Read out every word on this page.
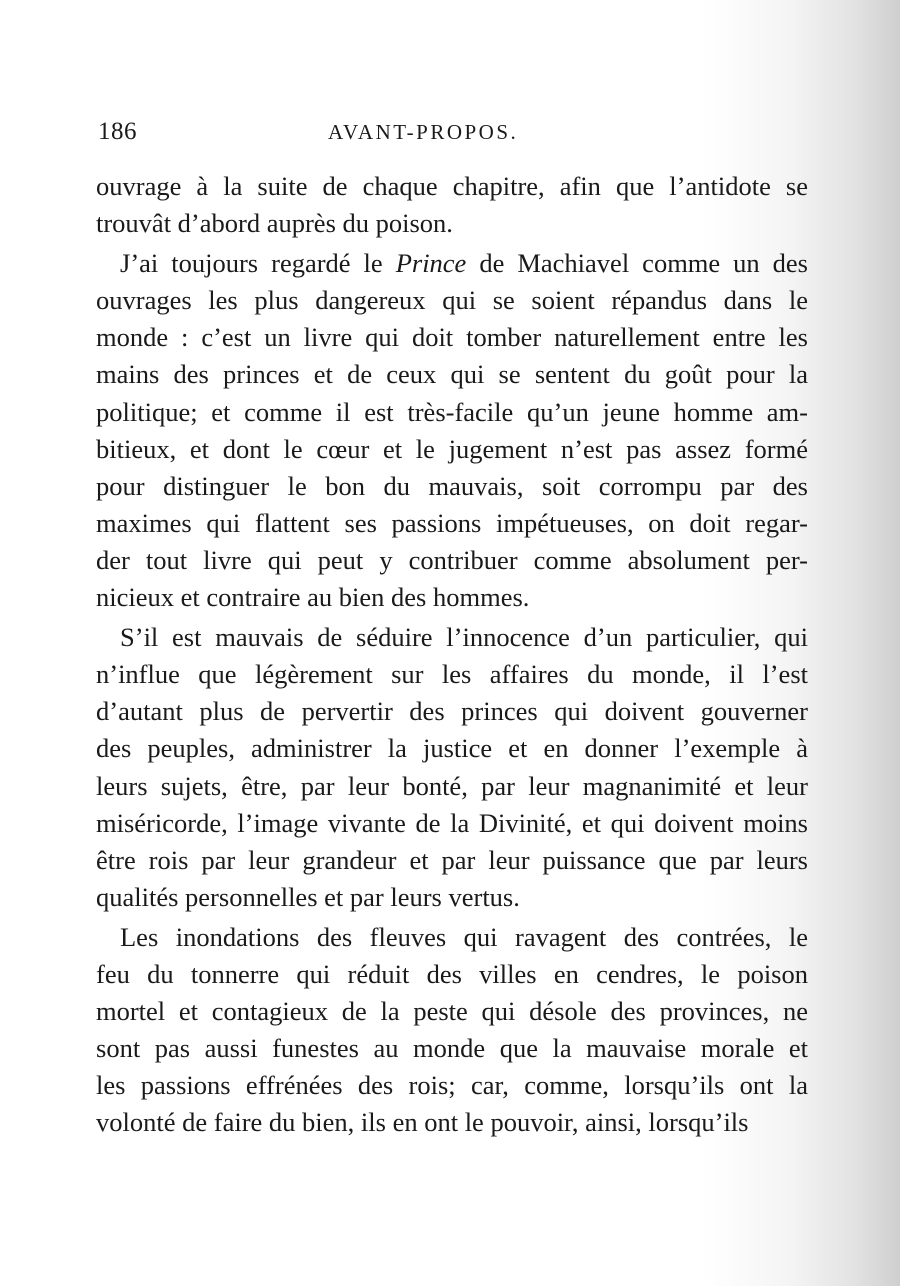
186	AVANT-PROPOS.
ouvrage à la suite de chaque chapitre, afin que l’antidote se
trouvât d’abord auprès du poison.
J’ai toujours regardé le Prince de Machiavel comme un des
ouvrages les plus dangereux qui se soient répandus dans le
monde : c’est un livre qui doit tomber naturellement entre les
mains des princes et de ceux qui se sentent du goût pour la
politique; et comme il est très-facile qu’un jeune homme am-
bitieux, et dont le cœur et le jugement n’est pas assez formé
pour distinguer le bon du mauvais, soit corrompu par des
maximes qui flattent ses passions impétueuses, on doit regar-
der tout livre qui peut y contribuer comme absolument per-
nicieux et contraire au bien des hommes.
S’il est mauvais de séduire l’innocence d’un particulier, qui
n’influe que légèrement sur les affaires du monde, il l’est
d’autant plus de pervertir des princes qui doivent gouverner
des peuples, administrer la justice et en donner l’exemple à
leurs sujets, être, par leur bonté, par leur magnanimité et leur
miséricorde, l’image vivante de la Divinité, et qui doivent moins
être rois par leur grandeur et par leur puissance que par leurs
qualités personnelles et par leurs vertus.
Les inondations des fleuves qui ravagent des contrées, le
feu du tonnerre qui réduit des villes en cendres, le poison
mortel et contagieux de la peste qui désole des provinces, ne
sont pas aussi funestes au monde que la mauvaise morale et
les passions effrénées des rois; car, comme, lorsqu’ils ont la
volonté de faire du bien, ils en ont le pouvoir, ainsi, lorsqu’ils
